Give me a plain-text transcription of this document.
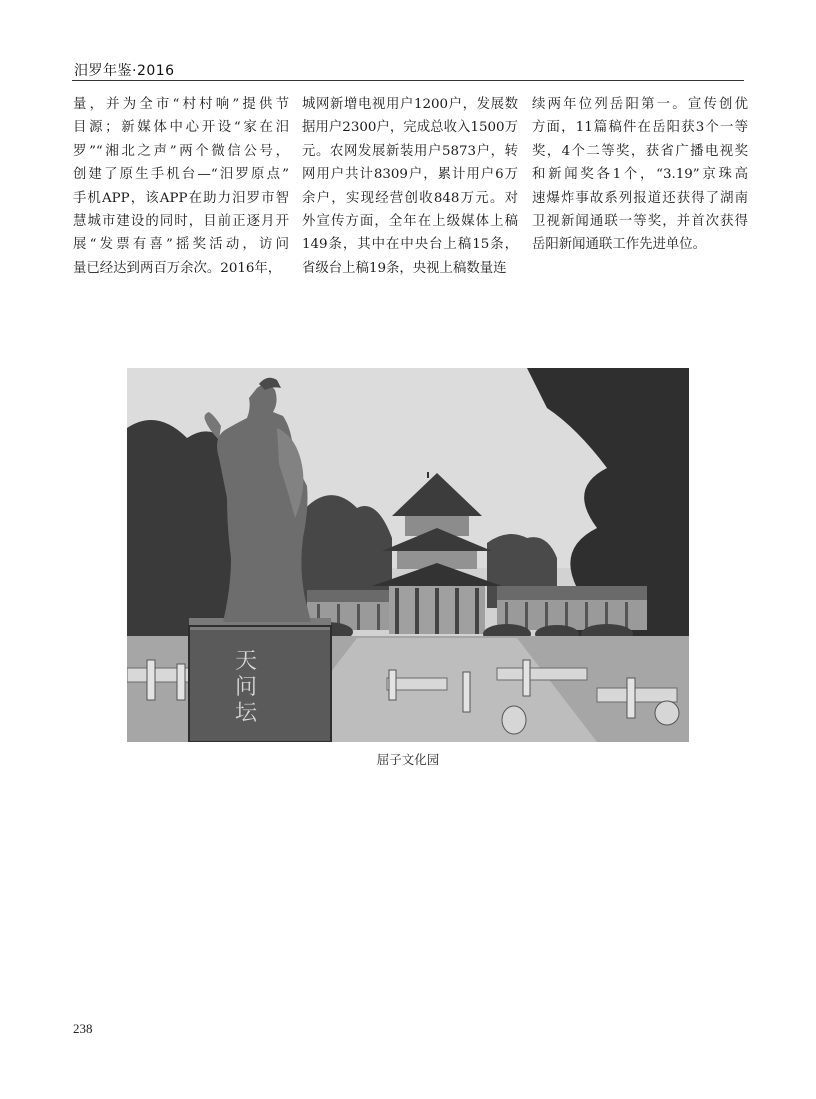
汨罗年鉴·2016
量，并为全市“村村响”提供节
目源；新媒体中心开设“家在汨
罗”“湘北之声”两个微信公号，
创建了原生手机台—“汨罗原点”
手机APP，该APP在助力汨罗市智
慧城市建设的同时，目前正逐月开
展“发票有喜”摇奖活动，访问
量已经达到两百万余次。2016年，
城网新增电视用户1200户，发展数
据用户2300户，完成总收入1500万
元。农网发展新装用户5873户，转
网用户共计8309户，累计用户6万
余户，实现经营创收848万元。对
外宣传方面，全年在上级媒体上稿
149条，其中在中央台上稿15条，
省级台上稿19条，央视上稿数量连
续两年位列岳阳第一。宣传创优
方面，11篇稿件在岳阳获3个一等
奖，4个二等奖，获省广播电视奖
和新闻奖各1个，“3.19”京珠高
速爆炸事故系列报道还获得了湖南
卫视新闻通联一等奖，并首次获得
岳阳新闻通联工作先进单位。
天 问 坛
屈子文化园
238
